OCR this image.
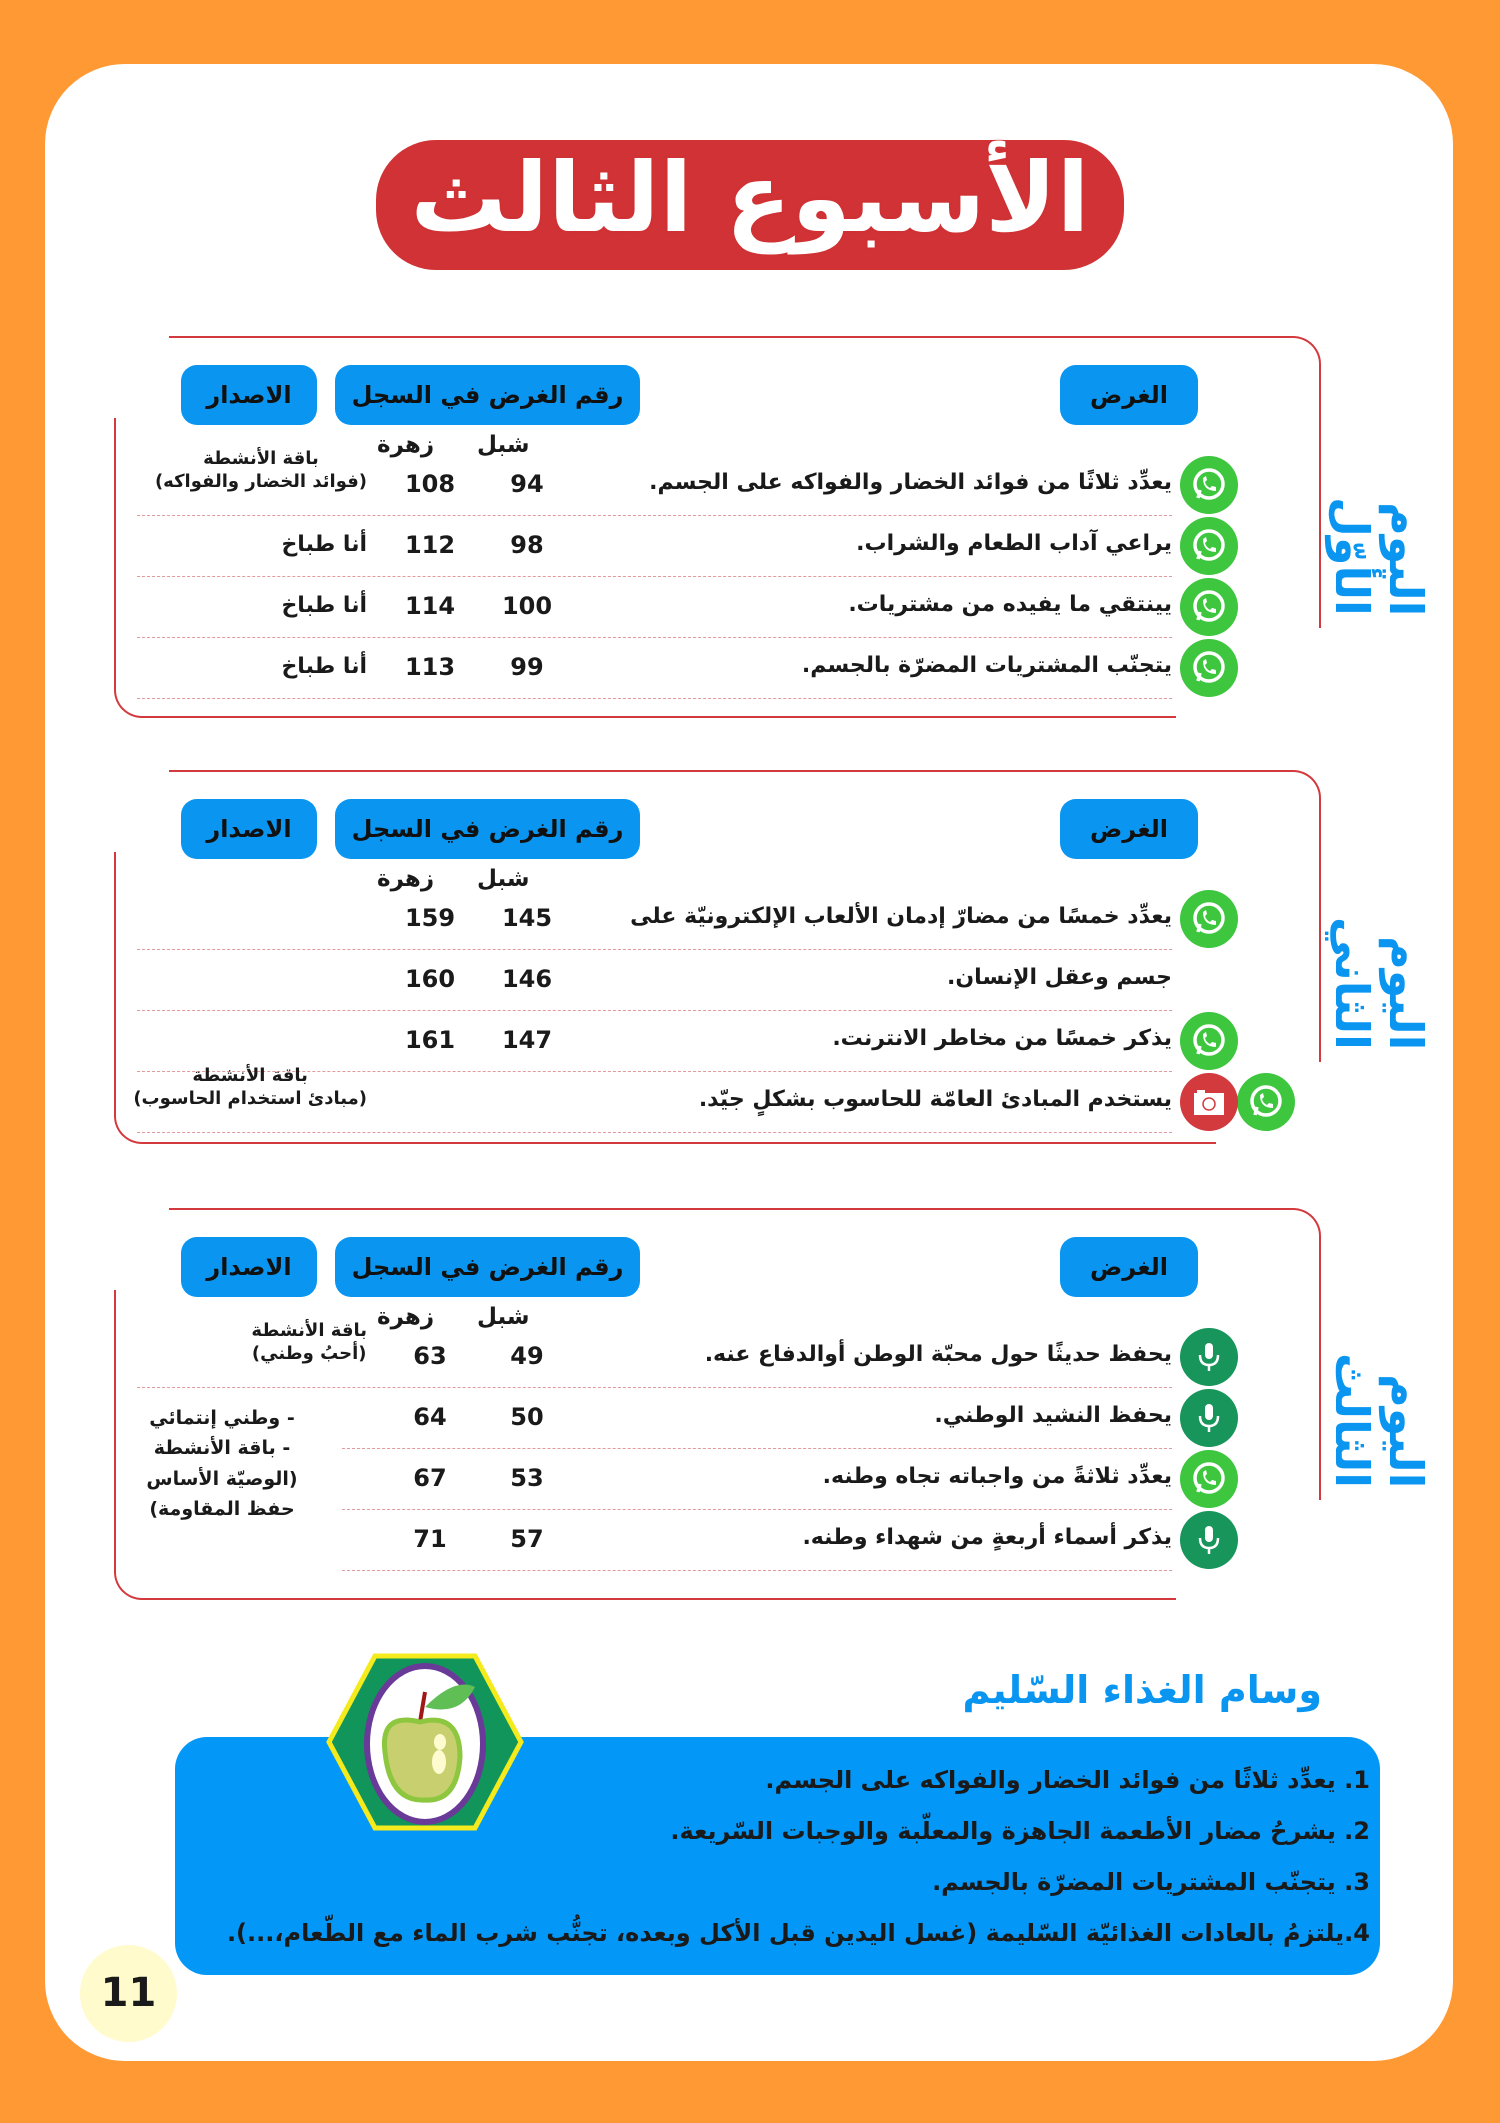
الأسبوع الثالث
اليوم الأوّل
الغرض
رقم الغرض في السجل
الاصدار
شبل
زهرة
يعدِّد ثلاثًا من فوائد الخضار والفواكه على الجسم.
94
108
باقة الأنشطة
(فوائد الخضار والفواكه)
يراعي آداب الطعام والشراب.
98
112
أنا طباخ
يينتقي ما يفيده من مشتريات.
100
114
أنا طباخ
يتجنّب المشتريات المضرّة بالجسم.
99
113
أنا طباخ
اليوم الثاني
الغرض
رقم الغرض في السجل
الاصدار
شبل
زهرة
يعدِّد خمسًا من مضارّ إدمان الألعاب الإلكترونيّة على
145
159
جسم وعقل الإنسان.
146
160
يذكر خمسًا من مخاطر الانترنت.
147
161
يستخدم المبادئ العامّة للحاسوب بشكلٍ جيّد.
باقة الأنشطة
(مبادئ استخدام الحاسوب)
اليوم الثالث
الغرض
رقم الغرض في السجل
الاصدار
شبل
زهرة
يحفظ حديثًا حول محبّة الوطن أوالدفاع عنه.
49
63
باقة الأنشطة
(أحبُ وطني)
يحفظ النشيد الوطني.
50
64
يعدِّد ثلاثةً من واجباته تجاه وطنه.
53
67
يذكر أسماء أربعةٍ من شهداء وطنه.
57
71
- وطني إنتمائي
- باقة الأنشطة
(الوصيّة الأساس
حفظ المقاومة)
وسام الغذاء السّليم
1. يعدِّد ثلاثًا من فوائد الخضار والفواكه على الجسم.
2. يشرحُ مضار الأطعمة الجاهزة والمعلّبة والوجبات السّريعة.
3. يتجنّب المشتريات المضرّة بالجسم.
4.يلتزمُ بالعادات الغذائيّة السّليمة (غسل اليدين قبل الأكل وبعده، تجنُّب شرب الماء مع الطّعام،...).
11
